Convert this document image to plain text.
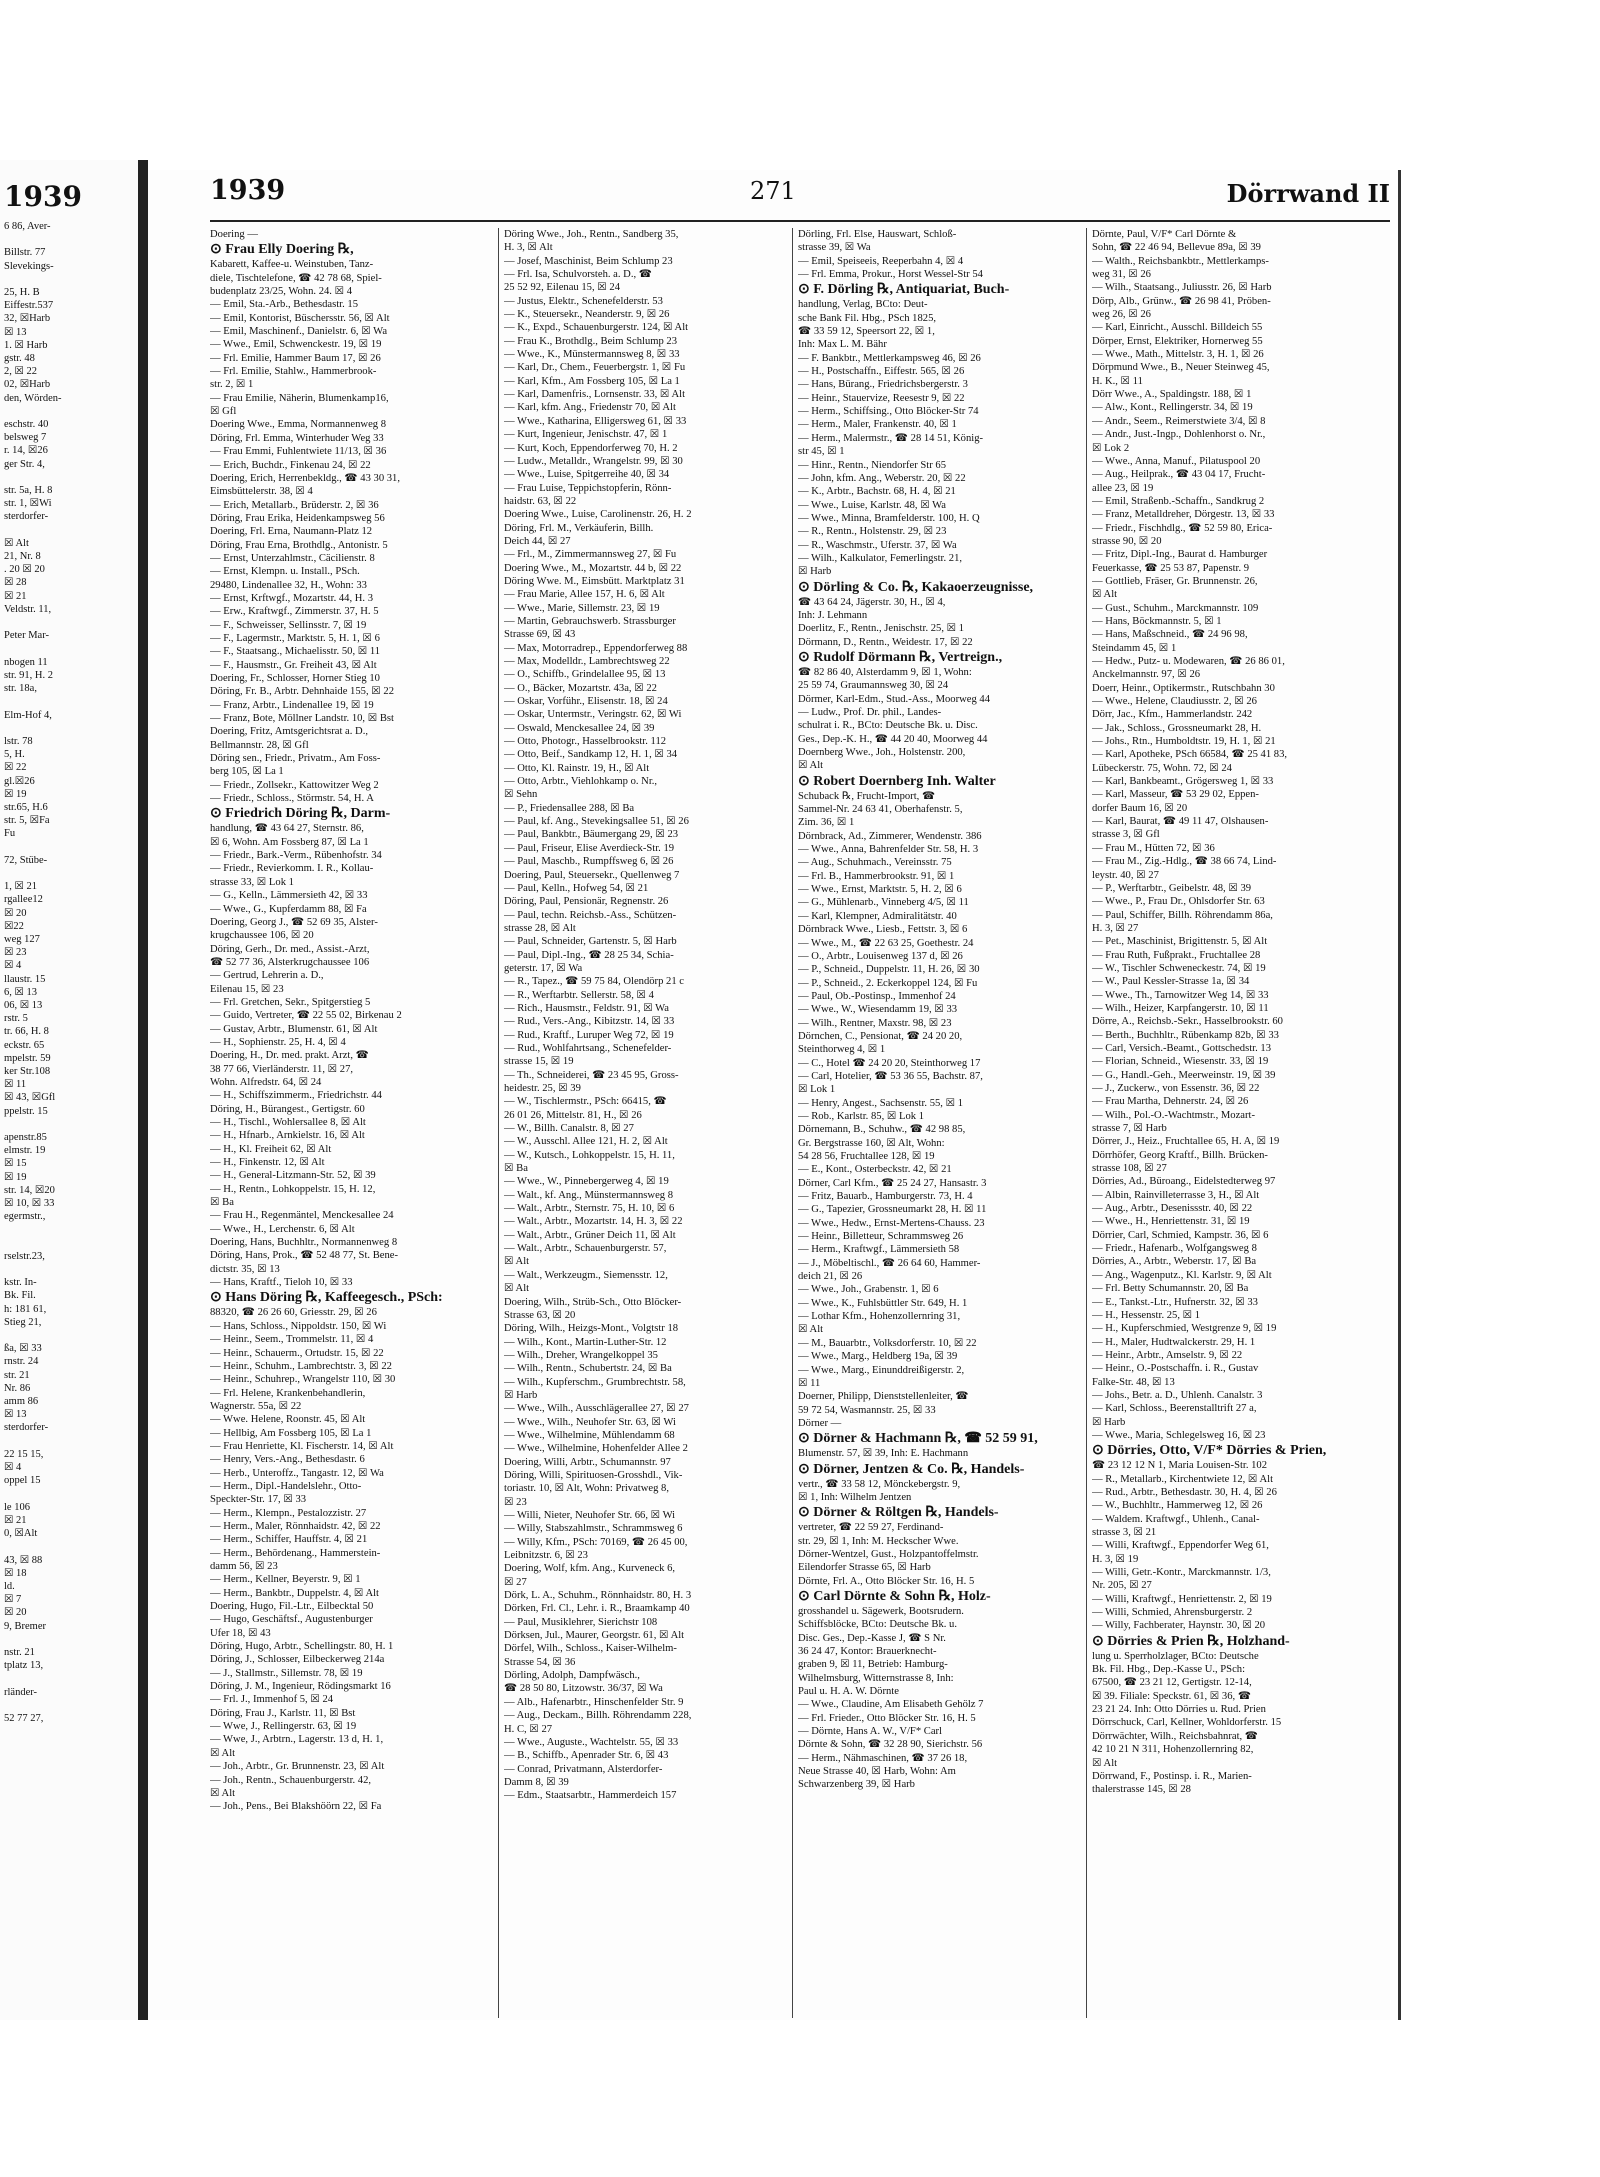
1939
6 86, Aver-

Billstr. 77
Slevekings-

25, H. B
Eiffestr.537
32, ☒Harb
☒ 13
1. ☒ Harb
gstr. 48
2, ☒ 22
02, ☒Harb
den, Wörden-

eschstr. 40
belsweg 7
r. 14, ☒26
ger Str. 4,

str. 5a, H. 8
str. 1, ☒Wi
sterdorfer-

☒ Alt
21, Nr. 8
. 20 ☒ 20
☒ 28
☒ 21
Veldstr. 11,

Peter Mar-

nbogen 11
str. 91, H. 2
str. 18a,

Elm-Hof 4,

lstr. 78
5, H.
☒ 22
gl.☒26
☒ 19
str.65, H.6
str. 5, ☒Fa
Fu

72, Stübe-

1, ☒ 21
rgallee12
☒ 20
☒22
weg 127
☒ 23
☒ 4
llaustr. 15
6, ☒ 13
06, ☒ 13
rstr. 5
tr. 66, H. 8
eckstr. 65
mpelstr. 59
ker Str.108
☒ 11
☒ 43, ☒Gfl
ppelstr. 15

apenstr.85
elmstr. 19
☒ 15
☒ 19
str. 14, ☒20
☒ 10, ☒ 33
egermstr.,

rselstr.23,

kstr. In-
Bk. Fil.
h: 181 61,
Stieg 21,

ßa, ☒ 33
rnstr. 24
str. 21
Nr. 86
amm 86
☒ 13
sterdorfer-

22 15 15,
☒ 4
oppel 15

le 106
☒ 21
0, ☒Alt

43, ☒ 88
☒ 18
ld.
☒ 7
☒ 20
9, Bremer

nstr. 21
tplatz 13,

rländer-

52 77 27,
1939	271	Dörrwand II
Doering —
⊙ Frau Elly Doering ℞,
Kabarett, Kaffee-u. Weinstuben, Tanz-
diele, Tischtelefone, ☎ 42 78 68, Spiel-
budenplatz 23/25, Wohn. 24. ☒ 4
— Emil, Sta.-Arb., Bethesdastr. 15
— Emil, Kontorist, Büschersstr. 56, ☒ Alt
— Emil, Maschinenf., Danielstr. 6, ☒ Wa
— Wwe., Emil, Schwenckestr. 19, ☒ 19
— Frl. Emilie, Hammer Baum 17, ☒ 26
— Frl. Emilie, Stahlw., Hammerbrook-
str. 2, ☒ 1
— Frau Emilie, Näherin, Blumenkamp16,
☒ Gfl
Doering Wwe., Emma, Normannenweg 8
Döring, Frl. Emma, Winterhuder Weg 33
— Frau Emmi, Fuhlentwiete 11/13, ☒ 36
— Erich, Buchdr., Finkenau 24, ☒ 22
Doering, Erich, Herrenbekldg., ☎ 43 30 31,
Eimsbüttelerstr. 38, ☒ 4
— Erich, Metallarb., Brüderstr. 2, ☒ 36
Döring, Frau Erika, Heidenkampsweg 56
Doering, Frl. Erna, Naumann-Platz 12
Döring, Frau Erna, Brothdlg., Antonistr. 5
— Ernst, Unterzahlmstr., Cäcilienstr. 8
— Ernst, Klempn. u. Install., PSch.
29480, Lindenallee 32, H., Wohn: 33
— Ernst, Krftwgf., Mozartstr. 44, H. 3
— Erw., Kraftwgf., Zimmerstr. 37, H. 5
— F., Schweisser, Sellinsstr. 7, ☒ 19
— F., Lagermstr., Marktstr. 5, H. 1, ☒ 6
— F., Staatsang., Michaelisstr. 50, ☒ 11
— F., Hausmstr., Gr. Freiheit 43, ☒ Alt
Doering, Fr., Schlosser, Horner Stieg 10
Döring, Fr. B., Arbtr. Dehnhaide 155, ☒ 22
— Franz, Arbtr., Lindenallee 19, ☒ 19
— Franz, Bote, Möllner Landstr. 10, ☒ Bst
Doering, Fritz, Amtsgerichtsrat a. D.,
Bellmannstr. 28, ☒ Gfl
Döring sen., Friedr., Privatm., Am Foss-
berg 105, ☒ La 1
— Friedr., Zollsekr., Kattowitzer Weg 2
— Friedr., Schloss., Störmstr. 54, H. A
⊙ Friedrich Döring ℞, Darm-
handlung, ☎ 43 64 27, Sternstr. 86,
☒ 6, Wohn. Am Fossberg 87, ☒ La 1
— Friedr., Bark.-Verm., Rübenhofstr. 34
— Friedr., Revierkomm. I. R., Kollau-
strasse 33, ☒ Lok 1
— G., Kelln., Lämmersieth 42, ☒ 33
— Wwe., G., Kupferdamm 88, ☒ Fa
Doering, Georg J., ☎ 52 69 35, Alster-
krugchaussee 106, ☒ 20
Döring, Gerh., Dr. med., Assist.-Arzt,
☎ 52 77 36, Alsterkrugchaussee 106
— Gertrud, Lehrerin a. D.,
Eilenau 15, ☒ 23
— Frl. Gretchen, Sekr., Spitgerstieg 5
— Guido, Vertreter, ☎ 22 55 02, Birkenau 2
— Gustav, Arbtr., Blumenstr. 61, ☒ Alt
— H., Sophienstr. 25, H. 4, ☒ 4
Doering, H., Dr. med. prakt. Arzt, ☎
38 77 66, Vierländerstr. 11, ☒ 27,
Wohn. Alfredstr. 64, ☒ 24
— H., Schiffszimmerm., Friedrichstr. 44
Döring, H., Bürangest., Gertigstr. 60
— H., Tischl., Wohlersallee 8, ☒ Alt
— H., Hfnarb., Arnkielstr. 16, ☒ Alt
— H., Kl. Freiheit 62, ☒ Alt
— H., Finkenstr. 12, ☒ Alt
— H., General-Litzmann-Str. 52, ☒ 39
— H., Rentn., Lohkoppelstr. 15, H. 12,
☒ Ba
— Frau H., Regenmäntel, Menckesallee 24
— Wwe., H., Lerchenstr. 6, ☒ Alt
Doering, Hans, Buchhltr., Normannenweg 8
Döring, Hans, Prok., ☎ 52 48 77, St. Bene-
dictstr. 35, ☒ 13
— Hans, Kraftf., Tieloh 10, ☒ 33
⊙ Hans Döring ℞, Kaffeegesch., PSch:
88320, ☎ 26 26 60, Griesstr. 29, ☒ 26
— Hans, Schloss., Nippoldstr. 150, ☒ Wi
— Heinr., Seem., Trommelstr. 11, ☒ 4
— Heinr., Schauerm., Ortudstr. 15, ☒ 22
— Heinr., Schuhm., Lambrechtstr. 3, ☒ 22
— Heinr., Schuhrep., Wrangelstr 110, ☒ 30
— Frl. Helene, Krankenbehandlerin,
Wagnerstr. 55a, ☒ 22
— Wwe. Helene, Roonstr. 45, ☒ Alt
— Hellbig, Am Fossberg 105, ☒ La 1
— Frau Henriette, Kl. Fischerstr. 14, ☒ Alt
— Henry, Vers.-Ang., Bethesdastr. 6
— Herb., Unteroffz., Tangastr. 12, ☒ Wa
— Herm., Dipl.-Handelslehr., Otto-
Speckter-Str. 17, ☒ 33
— Herm., Klempn., Pestalozzistr. 27
— Herm., Maler, Rönnhaidstr. 42, ☒ 22
— Herm., Schiffer, Hauffstr. 4, ☒ 21
— Herm., Behördenang., Hammerstein-
damm 56, ☒ 23
— Herm., Kellner, Beyerstr. 9, ☒ 1
— Herm., Bankbtr., Duppelstr. 4, ☒ Alt
Doering, Hugo, Fil.-Ltr., Eilbecktal 50
— Hugo, Geschäftsf., Augustenburger
Ufer 18, ☒ 43
Döring, Hugo, Arbtr., Schellingstr. 80, H. 1
Döring, J., Schlosser, Eilbeckerweg 214a
— J., Stallmstr., Sillemstr. 78, ☒ 19
Döring, J. M., Ingenieur, Rödingsmarkt 16
— Frl. J., Immenhof 5, ☒ 24
Döring, Frau J., Karlstr. 11, ☒ Bst
— Wwe, J., Rellingerstr. 63, ☒ 19
— Wwe, J., Arbtrn., Lagerstr. 13 d, H. 1,
☒ Alt
— Joh., Arbtr., Gr. Brunnenstr. 23, ☒ Alt
— Joh., Rentn., Schauenburgerstr. 42,
☒ Alt
— Joh., Pens., Bei Blakshöörn 22, ☒ Fa
Döring Wwe., Joh., Rentn., Sandberg 35,
H. 3, ☒ Alt
— Josef, Maschinist, Beim Schlump 23
— Frl. Isa, Schulvorsteh. a. D., ☎
25 52 92, Eilenau 15, ☒ 24
— Justus, Elektr., Schenefelderstr. 53
— K., Steuersekr., Neanderstr. 9, ☒ 26
— K., Expd., Schauenburgerstr. 124, ☒ Alt
— Frau K., Brothdlg., Beim Schlump 23
— Wwe., K., Münstermannsweg 8, ☒ 33
— Karl, Dr., Chem., Feuerbergstr. 1, ☒ Fu
— Karl, Kfm., Am Fossberg 105, ☒ La 1
— Karl, Damenfris., Lornsenstr. 33, ☒ Alt
— Karl, kfm. Ang., Friedenstr 70, ☒ Alt
— Wwe., Katharina, Elligersweg 61, ☒ 33
— Kurt, Ingenieur, Jenischstr. 47, ☒ 1
— Kurt, Koch, Eppendorferweg 70, H. 2
— Ludw., Metalldr., Wrangelstr. 99, ☒ 30
— Wwe., Luise, Spitgerreihe 40, ☒ 34
— Frau Luise, Teppichstopferin, Rönn-
haidstr. 63, ☒ 22
Doering Wwe., Luise, Carolinenstr. 26, H. 2
Döring, Frl. M., Verkäuferin, Billh.
Deich 44, ☒ 27
— Frl., M., Zimmermannsweg 27, ☒ Fu
Doering Wwe., M., Mozartstr. 44 b, ☒ 22
Döring Wwe. M., Eimsbütt. Marktplatz 31
— Frau Marie, Allee 157, H. 6, ☒ Alt
— Wwe., Marie, Sillemstr. 23, ☒ 19
— Martin, Gebrauchswerb. Strassburger
Strasse 69, ☒ 43
— Max, Motorradrep., Eppendorferweg 88
— Max, Modelldr., Lambrechtsweg 22
— O., Schiffb., Grindelallee 95, ☒ 13
— O., Bäcker, Mozartstr. 43a, ☒ 22
— Oskar, Vorführ., Elisenstr. 18, ☒ 24
— Oskar, Untermstr., Veringstr. 62, ☒ Wi
— Oswald, Menckesallee 24, ☒ 39
— Otto, Photogr., Hasselbrookstr. 112
— Otto, Beif., Sandkamp 12, H. 1, ☒ 34
— Otto, Kl. Rainstr. 19, H., ☒ Alt
— Otto, Arbtr., Viehlohkamp o. Nr.,
☒ Sehn
— P., Friedensallee 288, ☒ Ba
— Paul, kf. Ang., Stevekingsallee 51, ☒ 26
— Paul, Bankbtr., Bäumergang 29, ☒ 23
— Paul, Friseur, Elise Averdieck-Str. 19
— Paul, Maschb., Rumpffsweg 6, ☒ 26
Doering, Paul, Steuersekr., Quellenweg 7
— Paul, Kelln., Hofweg 54, ☒ 21
Döring, Paul, Pensionär, Regnenstr. 26
— Paul, techn. Reichsb.-Ass., Schützen-
strasse 28, ☒ Alt
— Paul, Schneider, Gartenstr. 5, ☒ Harb
— Paul, Dipl.-Ing., ☎ 28 25 34, Schia-
geterstr. 17, ☒ Wa
— R., Tapez., ☎ 59 75 84, Olendörp 21 c
— R., Werftarbtr. Sellerstr. 58, ☒ 4
— Rich., Hausmstr., Feldstr. 91, ☒ Wa
— Rud., Vers.-Ang., Kibitzstr. 14, ☒ 33
— Rud., Kraftf., Luruper Weg 72, ☒ 19
— Rud., Wohlfahrtsang., Schenefelder-
strasse 15, ☒ 19
— Th., Schneiderei, ☎ 23 45 95, Gross-
heidestr. 25, ☒ 39
— W., Tischlermstr., PSch: 66415, ☎
26 01 26, Mittelstr. 81, H., ☒ 26
— W., Billh. Canalstr. 8, ☒ 27
— W., Ausschl. Allee 121, H. 2, ☒ Alt
— W., Kutsch., Lohkoppelstr. 15, H. 11,
☒ Ba
— Wwe., W., Pinnebergerweg 4, ☒ 19
— Walt., kf. Ang., Münstermannsweg 8
— Walt., Arbtr., Sternstr. 75, H. 10, ☒ 6
— Walt., Arbtr., Mozartstr. 14, H. 3, ☒ 22
— Walt., Arbtr., Grüner Deich 11, ☒ Alt
— Walt., Arbtr., Schauenburgerstr. 57,
☒ Alt
— Walt., Werkzeugm., Siemensstr. 12,
☒ Alt
Doering, Wilh., Strüb-Sch., Otto Blöcker-
Strasse 63, ☒ 20
Döring, Wilh., Heizgs-Mont., Volgtstr 18
— Wilh., Kont., Martin-Luther-Str. 12
— Wilh., Dreher, Wrangelkoppel 35
— Wilh., Rentn., Schubertstr. 24, ☒ Ba
— Wilh., Kupferschm., Grumbrechtstr. 58,
☒ Harb
— Wwe., Wilh., Ausschlägerallee 27, ☒ 27
— Wwe., Wilh., Neuhofer Str. 63, ☒ Wi
— Wwe., Wilhelmine, Mühlendamm 68
— Wwe., Wilhelmine, Hohenfelder Allee 2
Doering, Willi, Arbtr., Schumannstr. 97
Döring, Willi, Spirituosen-Grosshdl., Vik-
toriastr. 10, ☒ Alt, Wohn: Privatweg 8,
☒ 23
— Willi, Nieter, Neuhofer Str. 66, ☒ Wi
— Willy, Stabszahlmstr., Schrammsweg 6
— Willy, Kfm., PSch: 70169, ☎ 26 45 00,
Leibnitzstr. 6, ☒ 23
Doering, Wolf, kfm. Ang., Kurveneck 6,
☒ 27
Dörk, L. A., Schuhm., Rönnhaidstr. 80, H. 3
Dörken, Frl. Cl., Lehr. i. R., Braamkamp 40
— Paul, Musiklehrer, Sierichstr 108
Dörksen, Jul., Maurer, Georgstr. 61, ☒ Alt
Dörfel, Wilh., Schloss., Kaiser-Wilhelm-
Strasse 54, ☒ 36
Dörling, Adolph, Dampfwäsch.,
☎ 28 50 80, Litzowstr. 36/37, ☒ Wa
— Alb., Hafenarbtr., Hinschenfelder Str. 9
— Aug., Deckam., Billh. Röhrendamm 228,
H. C, ☒ 27
— Wwe., Auguste., Wachtelstr. 55, ☒ 33
— B., Schiffb., Apenrader Str. 6, ☒ 43
— Conrad, Privatmann, Alsterdorfer-
Damm 8, ☒ 39
— Edm., Staatsarbtr., Hammerdeich 157
Dörling, Frl. Else, Hauswart, Schloß-
strasse 39, ☒ Wa
— Emil, Speiseeis, Reeperbahn 4, ☒ 4
— Frl. Emma, Prokur., Horst Wessel-Str 54
⊙ F. Dörling ℞, Antiquariat, Buch-
handlung, Verlag, BCto: Deut-
sche Bank Fil. Hbg., PSch 1825,
☎ 33 59 12, Speersort 22, ☒ 1,
Inh: Max L. M. Bähr
— F. Bankbtr., Mettlerkampsweg 46, ☒ 26
— H., Postschaffn., Eiffestr. 565, ☒ 26
— Hans, Bürang., Friedrichsbergerstr. 3
— Heinr., Stauervize, Reesestr 9, ☒ 22
— Herm., Schiffsing., Otto Blöcker-Str 74
— Herm., Maler, Frankenstr. 40, ☒ 1
— Herm., Malermstr., ☎ 28 14 51, König-
str 45, ☒ 1
— Hinr., Rentn., Niendorfer Str 65
— John, kfm. Ang., Weberstr. 20, ☒ 22
— K., Arbtr., Bachstr. 68, H. 4, ☒ 21
— Wwe., Luise, Karlstr. 48, ☒ Wa
— Wwe., Minna, Bramfelderstr. 100, H. Q
— R., Rentn., Holstenstr. 29, ☒ 23
— R., Waschmstr., Uferstr. 37, ☒ Wa
— Wilh., Kalkulator, Femerlingstr. 21,
☒ Harb
⊙ Dörling & Co. ℞, Kakaoerzeugnisse,
☎ 43 64 24, Jägerstr. 30, H., ☒ 4,
Inh: J. Lehmann
Doerlitz, F., Rentn., Jenischstr. 25, ☒ 1
Dörmann, D., Rentn., Weidestr. 17, ☒ 22
⊙ Rudolf Dörmann ℞, Vertreign.,
☎ 82 86 40, Alsterdamm 9, ☒ 1, Wohn:
25 59 74, Graumannsweg 30, ☒ 24
Dörmer, Karl-Edm., Stud.-Ass., Moorweg 44
— Ludw., Prof. Dr. phil., Landes-
schulrat i. R., BCto: Deutsche Bk. u. Disc.
Ges., Dep.-K. H., ☎ 44 20 40, Moorweg 44
Doernberg Wwe., Joh., Holstenstr. 200,
☒ Alt
⊙ Robert Doernberg Inh. Walter
Schuback ℞, Frucht-Import, ☎
Sammel-Nr. 24 63 41, Oberhafenstr. 5,
Zim. 36, ☒ 1
Dörnbrack, Ad., Zimmerer, Wendenstr. 386
— Wwe., Anna, Bahrenfelder Str. 58, H. 3
— Aug., Schuhmach., Vereinsstr. 75
— Frl. B., Hammerbrookstr. 91, ☒ 1
— Wwe., Ernst, Marktstr. 5, H. 2, ☒ 6
— G., Mühlenarb., Vinneberg 4/5, ☒ 11
— Karl, Klempner, Admiralitätstr. 40
Dörnbrack Wwe., Liesb., Fettstr. 3, ☒ 6
— Wwe., M., ☎ 22 63 25, Goethestr. 24
— O., Arbtr., Louisenweg 137 d, ☒ 26
— P., Schneid., Duppelstr. 11, H. 26, ☒ 30
— P., Schneid., 2. Eckerkoppel 124, ☒ Fu
— Paul, Ob.-Postinsp., Immenhof 24
— Wwe., W., Wiesendamm 19, ☒ 33
— Wilh., Rentner, Maxstr. 98, ☒ 23
Dörnchen, C., Pensionat, ☎ 24 20 20,
Steinthorweg 4, ☒ 1
— C., Hotel ☎ 24 20 20, Steinthorweg 17
— Carl, Hotelier, ☎ 53 36 55, Bachstr. 87,
☒ Lok 1
— Henry, Angest., Sachsenstr. 55, ☒ 1
— Rob., Karlstr. 85, ☒ Lok 1
Dörnemann, B., Schuhw., ☎ 42 98 85,
Gr. Bergstrasse 160, ☒ Alt, Wohn:
54 28 56, Fruchtallee 128, ☒ 19
— E., Kont., Osterbeckstr. 42, ☒ 21
Dörner, Carl Kfm., ☎ 25 24 27, Hansastr. 3
— Fritz, Bauarb., Hamburgerstr. 73, H. 4
— G., Tapezier, Grossneumarkt 28, H. ☒ 11
— Wwe., Hedw., Ernst-Mertens-Chauss. 23
— Heinr., Billetteur, Schrammsweg 26
— Herm., Kraftwgf., Lämmersieth 58
— J., Möbeltischl., ☎ 26 64 60, Hammer-
deich 21, ☒ 26
— Wwe., Joh., Grabenstr. 1, ☒ 6
— Wwe., K., Fuhlsbüttler Str. 649, H. 1
— Lothar Kfm., Hohenzollernring 31,
☒ Alt
— M., Bauarbtr., Volksdorferstr. 10, ☒ 22
— Wwe., Marg., Heldberg 19a, ☒ 39
— Wwe., Marg., Einunddreißigerstr. 2,
☒ 11
Doerner, Philipp, Dienststellenleiter, ☎
59 72 54, Wasmannstr. 25, ☒ 33
Dörner —
⊙ Dörner & Hachmann ℞, ☎ 52 59 91,
Blumenstr. 57, ☒ 39, Inh: E. Hachmann
⊙ Dörner, Jentzen & Co. ℞, Handels-
vertr., ☎ 33 58 12, Mönckebergstr. 9,
☒ 1, Inh: Wilhelm Jentzen
⊙ Dörner & Röltgen ℞, Handels-
vertreter, ☎ 22 59 27, Ferdinand-
str. 29, ☒ 1, Inh: M. Heckscher Wwe.
Dörner-Wentzel, Gust., Holzpantoffelmstr.
Eilendorfer Strasse 65, ☒ Harb
Dörnte, Frl. A., Otto Blöcker Str. 16, H. 5
⊙ Carl Dörnte & Sohn ℞, Holz-
grosshandel u. Sägewerk, Bootsrudern.
Schiffsblöcke, BCto: Deutsche Bk. u.
Disc. Ges., Dep.-Kasse J, ☎ S Nr.
36 24 47, Kontor: Brauerknecht-
graben 9, ☒ 11, Betrieb: Hamburg-
Wilhelmsburg, Witternstrasse 8, Inh:
Paul u. H. A. W. Dörnte
— Wwe., Claudine, Am Elisabeth Gehölz 7
— Frl. Frieder., Otto Blöcker Str. 16, H. 5
— Dörnte, Hans A. W., V/F* Carl
Dörnte & Sohn, ☎ 32 28 90, Sierichstr. 56
— Herm., Nähmaschinen, ☎ 37 26 18,
Neue Strasse 40, ☒ Harb, Wohn: Am
Schwarzenberg 39, ☒ Harb
Dörnte, Paul, V/F* Carl Dörnte &
Sohn, ☎ 22 46 94, Bellevue 89a, ☒ 39
— Walth., Reichsbankbtr., Mettlerkamps-
weg 31, ☒ 26
— Wilh., Staatsang., Juliusstr. 26, ☒ Harb
Dörp, Alb., Grünw., ☎ 26 98 41, Pröben-
weg 26, ☒ 26
— Karl, Einricht., Ausschl. Billdeich 55
Dörper, Ernst, Elektriker, Hornerweg 55
— Wwe., Math., Mittelstr. 3, H. 1, ☒ 26
Dörpmund Wwe., B., Neuer Steinweg 45,
H. K., ☒ 11
Dörr Wwe., A., Spaldingstr. 188, ☒ 1
— Alw., Kont., Rellingerstr. 34, ☒ 19
— Andr., Seem., Reimerstwiete 3/4, ☒ 8
— Andr., Just.-Ingp., Dohlenhorst o. Nr.,
☒ Lok 2
— Wwe., Anna, Manuf., Pilatuspool 20
— Aug., Heilprak., ☎ 43 04 17, Frucht-
allee 23, ☒ 19
— Emil, Straßenb.-Schaffn., Sandkrug 2
— Franz, Metalldreher, Dörgestr. 13, ☒ 33
— Friedr., Fischhdlg., ☎ 52 59 80, Erica-
strasse 90, ☒ 20
— Fritz, Dipl.-Ing., Baurat d. Hamburger
Feuerkasse, ☎ 25 53 87, Papenstr. 9
— Gottlieb, Fräser, Gr. Brunnenstr. 26,
☒ Alt
— Gust., Schuhm., Marckmannstr. 109
— Hans, Böckmannstr. 5, ☒ 1
— Hans, Maßschneid., ☎ 24 96 98,
Steindamm 45, ☒ 1
— Hedw., Putz- u. Modewaren, ☎ 26 86 01,
Anckelmannstr. 97, ☒ 26
Doerr, Heinr., Optikermstr., Rutschbahn 30
— Wwe., Helene, Claudiusstr. 2, ☒ 26
Dörr, Jac., Kfm., Hammerlandstr. 242
— Jak., Schloss., Grossneumarkt 28, H.
— Johs., Rtn., Humboldtstr. 19, H. 1, ☒ 21
— Karl, Apotheke, PSch 66584, ☎ 25 41 83,
Lübeckerstr. 75, Wohn. 72, ☒ 24
— Karl, Bankbeamt., Grögersweg 1, ☒ 33
— Karl, Masseur, ☎ 53 29 02, Eppen-
dorfer Baum 16, ☒ 20
— Karl, Baurat, ☎ 49 11 47, Olshausen-
strasse 3, ☒ Gfl
— Frau M., Hütten 72, ☒ 36
— Frau M., Zig.-Hdlg., ☎ 38 66 74, Lind-
leystr. 40, ☒ 27
— P., Werftarbtr., Geibelstr. 48, ☒ 39
— Wwe., P., Frau Dr., Ohlsdorfer Str. 63
— Paul, Schiffer, Billh. Röhrendamm 86a,
H. 3, ☒ 27
— Pet., Maschinist, Brigittenstr. 5, ☒ Alt
— Frau Ruth, Fußprakt., Fruchtallee 28
— W., Tischler Schweneckestr. 74, ☒ 19
— W., Paul Kessler-Strasse 1a, ☒ 34
— Wwe., Th., Tarnowitzer Weg 14, ☒ 33
— Wilh., Heizer, Karpfangerstr. 10, ☒ 11
Dörre, A., Reichsb.-Sekr., Hasselbrookstr. 60
— Berth., Buchhltr., Rübenkamp 82b, ☒ 33
— Carl, Versich.-Beamt., Gottschedstr. 13
— Florian, Schneid., Wiesenstr. 33, ☒ 19
— G., Handl.-Geh., Meerweinstr. 19, ☒ 39
— J., Zuckerw., von Essenstr. 36, ☒ 22
— Frau Martha, Dehnerstr. 24, ☒ 26
— Wilh., Pol.-O.-Wachtmstr., Mozart-
strasse 7, ☒ Harb
Dörrer, J., Heiz., Fruchtallee 65, H. A, ☒ 19
Dörrhöfer, Georg Kraftf., Billh. Brücken-
strasse 108, ☒ 27
Dörries, Ad., Büroang., Eidelstedterweg 97
— Albin, Rainvilleterrasse 3, H., ☒ Alt
— Aug., Arbtr., Desenissstr. 40, ☒ 22
— Wwe., H., Henriettenstr. 31, ☒ 19
Dörrier, Carl, Schmied, Kampstr. 36, ☒ 6
— Friedr., Hafenarb., Wolfgangsweg 8
Dörries, A., Arbtr., Weberstr. 17, ☒ Ba
— Ang., Wagenputz., Kl. Karlstr. 9, ☒ Alt
— Frl. Betty Schumannstr. 20, ☒ Ba
— E., Tankst.-Ltr., Hufnerstr. 32, ☒ 33
— H., Hessenstr. 25, ☒ 1
— H., Kupferschmied, Westgrenze 9, ☒ 19
— H., Maler, Hudtwalckerstr. 29, H. 1
— Heinr., Arbtr., Amselstr. 9, ☒ 22
— Heinr., O.-Postschaffn. i. R., Gustav
Falke-Str. 48, ☒ 13
— Johs., Betr. a. D., Uhlenh. Canalstr. 3
— Karl, Schloss., Beerenstalltrift 27 a,
☒ Harb
— Wwe., Maria, Schlegelsweg 16, ☒ 23
⊙ Dörries, Otto, V/F* Dörries & Prien,
☎ 23 12 12 N 1, Maria Louisen-Str. 102
— R., Metallarb., Kirchentwiete 12, ☒ Alt
— Rud., Arbtr., Bethesdastr. 30, H. 4, ☒ 26
— W., Buchhltr., Hammerweg 12, ☒ 26
— Waldem. Kraftwgf., Uhlenh., Canal-
strasse 3, ☒ 21
— Willi, Kraftwgf., Eppendorfer Weg 61,
H. 3, ☒ 19
— Willi, Getr.-Kontr., Marckmannstr. 1/3,
Nr. 205, ☒ 27
— Willi, Kraftwgf., Henriettenstr. 2, ☒ 19
— Willi, Schmied, Ahrensburgerstr. 2
— Willy, Fachberater, Haynstr. 30, ☒ 20
⊙ Dörries & Prien ℞, Holzhand-
lung u. Sperrholzlager, BCto: Deutsche
Bk. Fil. Hbg., Dep.-Kasse U., PSch:
67500, ☎ 23 21 12, Gertigstr. 12-14,
☒ 39. Filiale: Speckstr. 61, ☒ 36, ☎
23 21 24. Inh: Otto Dörries u. Rud. Prien
Dörrschuck, Carl, Kellner, Wohldorferstr. 15
Dörrwächter, Wilh., Reichsbahnrat, ☎
42 10 21 N 311, Hohenzollernring 82,
☒ Alt
Dörrwand, F., Postinsp. i. R., Marien-
thalerstrasse 145, ☒ 28
